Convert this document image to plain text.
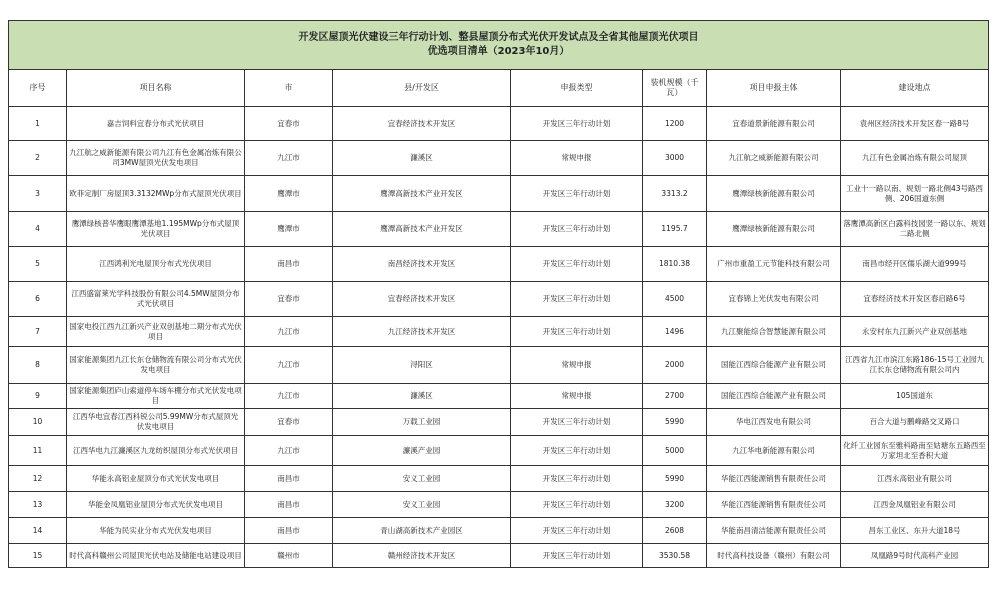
开发区屋顶光伏建设三年行动计划、整县屋顶分布式光伏开发试点及全省其他屋顶光伏项目
优选项目清单（2023年10月）							

序号	项目名称	市	县/开发区	申报类型	装机规模（千瓦）	项目申报主体	建设地点
1	嘉吉饲料宜春分布式光伏项目	宜春市	宜春经济技术开发区	开发区三年行动计划	1200	宜春道景新能源有限公司	袁州区经济技术开发区春一路8号
2	九江航之威新能源有限公司九江有色金属冶炼有限公司3MW屋顶光伏发电项目	九江市	濂溪区	常规申报	3000	九江航之威新能源有限公司	九江有色金属冶炼有限公司屋顶
3	欧菲定制厂房屋顶3.3132MWp分布式屋顶光伏项目	鹰潭市	鹰潭高新技术产业开发区	开发区三年行动计划	3313.2	鹰潭绿核新能源有限公司	工业十一路以南、规划一路北侧43号路西侧、206国道东侧
4	鹰潭绿核普华鹰眼鹰潭基地1.195MWp分布式屋顶光伏项目	鹰潭市	鹰潭高新技术产业开发区	开发区三年行动计划	1195.7	鹰潭绿核新能源有限公司	落鹰潭高新区白露科技园竖一路以东、规划二路北侧
5	江西鸿利光电屋顶分布式光伏项目	南昌市	南昌经济技术开发区	开发区三年行动计划	1810.38	广州市重盈工元节能科技有限公司	南昌市经开区儒乐湖大道999号
6	江西盛富莱光学科技股份有限公司4.5MW屋顶分布式光伏项目	宜春市	宜春经济技术开发区	开发区三年行动计划	4500	宜春锦上光伏发电有限公司	宜春经济技术开发区春启路6号
7	国家电投江西九江新兴产业双创基地二期分布式光伏项目	九江市	九江经济技术开发区	开发区三年行动计划	1496	九江聚能综合智慧能源有限公司	永安村东九江新兴产业双创基地
8	国家能源集团九江长东仓储物流有限公司分布式光伏发电项目	九江市	浔阳区	常规申报	2000	国能江西综合能源产业有限公司	江西省九江市滨江东路186-15号工业园九江长东仓储物流有限公司内
9	国家能源集团庐山索道停车场车棚分布式光伏发电项目	九江市	濂溪区	常规申报	2700	国能江西综合能源产业有限公司	105国道东
10	江西华电宜春江西科锐公司5.99MW分布式屋顶光伏发电项目	宜春市	万载工业园	开发区三年行动计划	5990	华电江西发电有限公司	百合大道与鹏峰路交叉路口
11	江西华电九江濂溪区九龙纺织屋顶分布式光伏项目	九江市	濂溪产业园	开发区三年行动计划	5000	九江华电新能源有限公司	化纤工业园东至雅科路南至姑塘东五路西至万家坦北至香积大道
12	华能永高铝业屋顶分布式光伏发电项目	南昌市	安义工业园	开发区三年行动计划	5990	华能江西能源销售有限责任公司	江西永高铝业有限公司
13	华能金凤凰铝业屋顶分布式光伏发电项目	南昌市	安义工业园	开发区三年行动计划	3200	华能江西能源销售有限责任公司	江西金凤凰铝业有限公司
14	华能为民实业分布式光伏发电项目	南昌市	青山湖高新技术产业园区	开发区三年行动计划	2608	华能南昌清洁能源有限责任公司	昌东工业区、东升大道18号
15	时代高科赣州公司屋顶光伏电站及储能电站建设项目	赣州市	赣州经济技术开发区	开发区三年行动计划	3530.58	时代高科技设备（赣州）有限公司	凤凰路9号时代高科产业园
